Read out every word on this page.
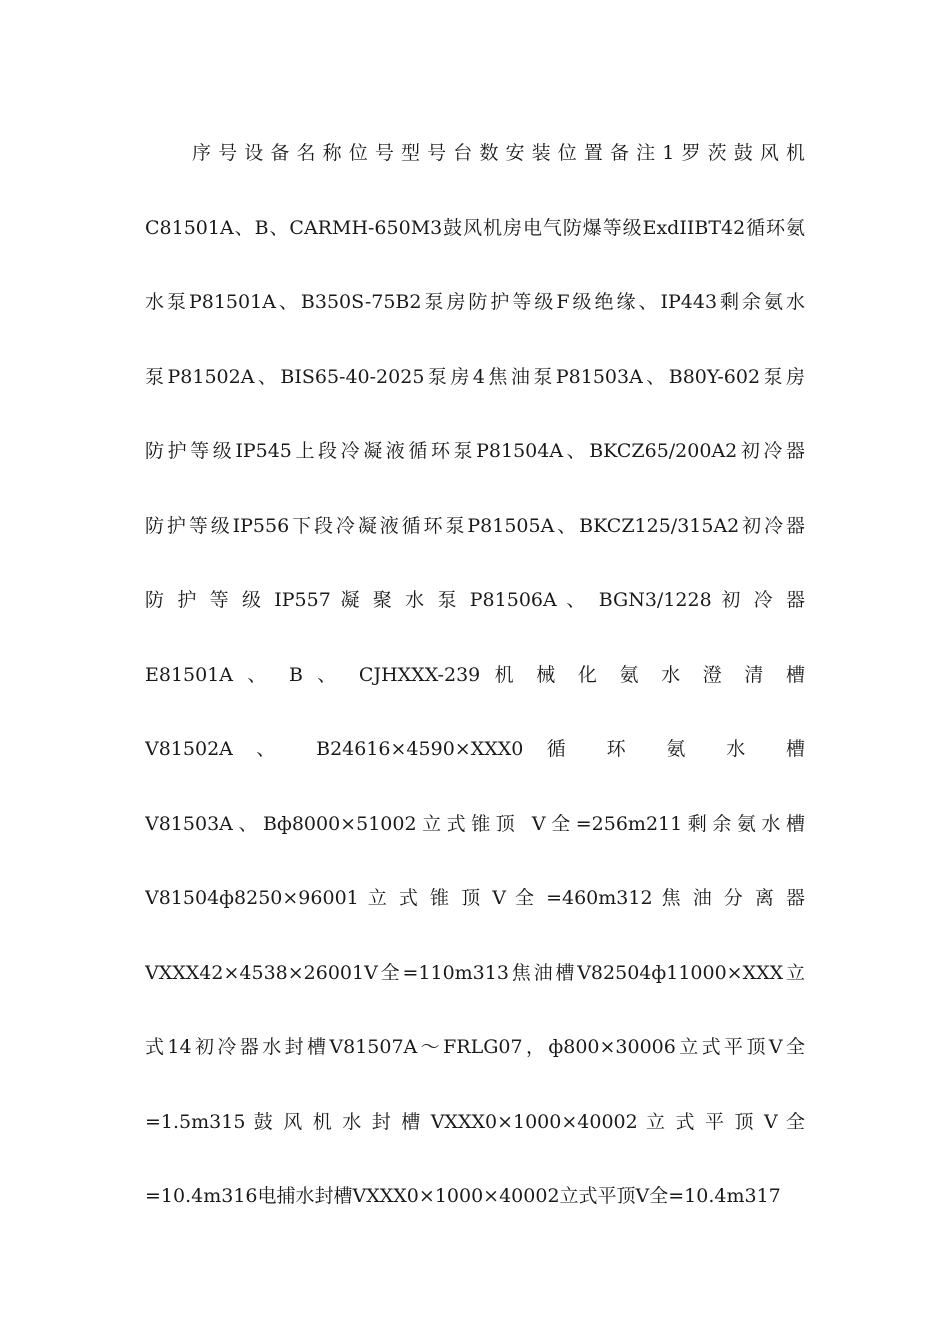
序号设备名称位号型号台数安装位置备注1罗茨鼓风机
C81501A、B、CARMH-650M3鼓风机房电气防爆等级ExdIIBT42循环氨
水泵P81501A、B350S-75B2泵房防护等级F级绝缘、IP443剩余氨水
泵P81502A、BIS65-40-2025泵房4焦油泵P81503A、B80Y-602泵房
防护等级IP545上段冷凝液循环泵P81504A、BKCZ65/200A2初冷器
防护等级IP556下段冷凝液循环泵P81505A、BKCZ125/315A2初冷器
防 护 等 级 IP557 凝 聚 水 泵 P81506A 、 BGN3/1228 初 冷 器
E81501A 、 B 、 CJHXXX-239 机 械 化 氨 水 澄 清 槽
V81502A 、 B24616×4590×XXX0 循 环 氨 水 槽
V81503A、Bф8000×51002立式锥顶 V全=256m211剩余氨水槽
V81504ф8250×96001 立 式 锥 顶 V 全 =460m312 焦 油 分 离 器
VXXX42×4538×26001V全=110m313焦油槽V82504ф11000×XXX立
式14初冷器水封槽V81507A～FRLG07，ф800×30006立式平顶V全
=1.5m315 鼓 风 机 水 封 槽 VXXX0×1000×40002 立 式 平 顶 V 全
=10.4m316电捕水封槽VXXX0×1000×40002立式平顶V全=10.4m317
